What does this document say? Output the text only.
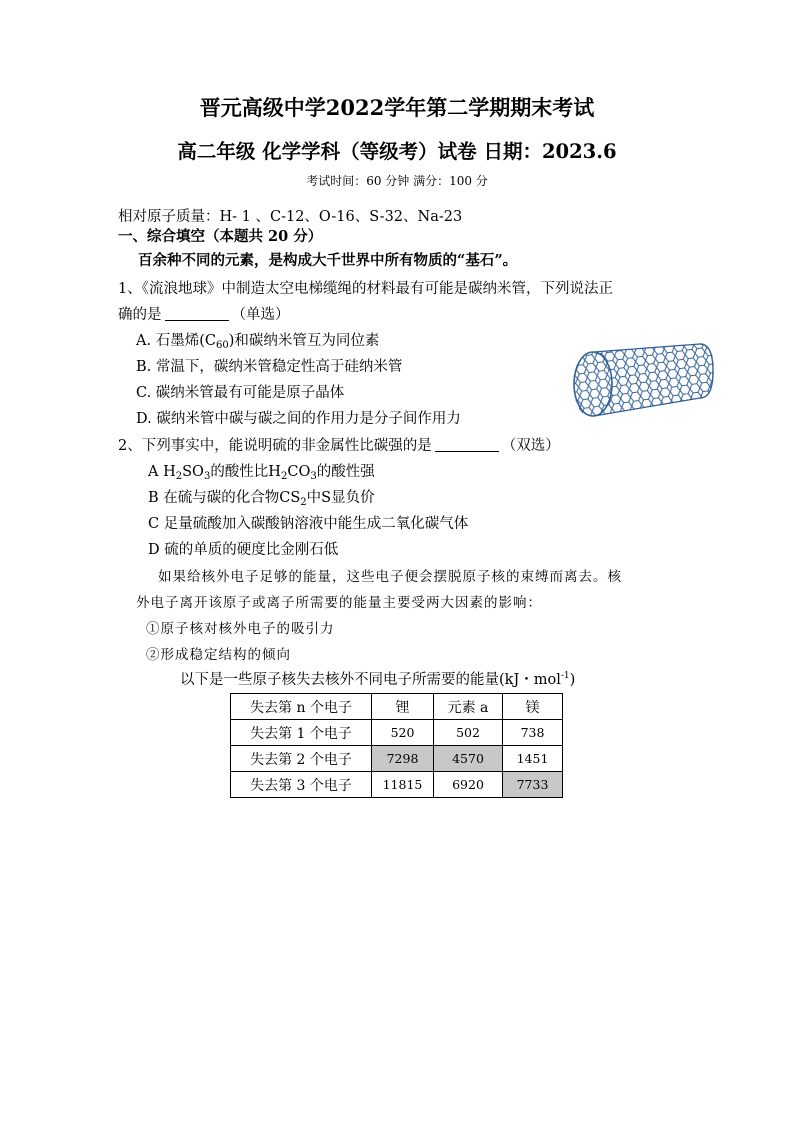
晋元高级中学2022学年第二学期期末考试
高二年级 化学学科（等级考）试卷 日期：2023.6
考试时间：60 分钟 满分：100 分
相对原子质量：H- 1 、C-12、O-16、S-32、Na-23
一、综合填空（本题共 20 分）
百余种不同的元素，是构成大千世界中所有物质的“基石”。
1、《流浪地球》中制造太空电梯缆绳的材料最有可能是碳纳米管，下列说法正
确的是	（单选）
A. 石墨烯$(C_{60})$和碳纳米管互为同位素
B. 常温下，碳纳米管稳定性高于硅纳米管
C. 碳纳米管最有可能是原子晶体
D. 碳纳米管中碳与碳之间的作用力是分子间作用力
2、下列事实中，能说明硫的非金属性比碳强的是	（双选）
A $H_2SO_3$的酸性比$H_2CO_3$的酸性强
B 在硫与碳的化合物$CS_2$中S显负价
C 足量硫酸加入碳酸钠溶液中能生成二氧化碳气体
D 硫的单质的硬度比金刚石低
如果给核外电子足够的能量，这些电子便会摆脱原子核的束缚而离去。核
外电子离开该原子或离子所需要的能量主要受两大因素的影响：
①原子核对核外电子的吸引力
②形成稳定结构的倾向
以下是一些原子核失去核外不同电子所需要的能量(kJ・mol$^{-1}$)
失去第 n 个电子	锂	元素 a	镁
失去第 1 个电子	520	502	738
失去第 2 个电子	7298	4570	1451
失去第 3 个电子	11815	6920	7733
